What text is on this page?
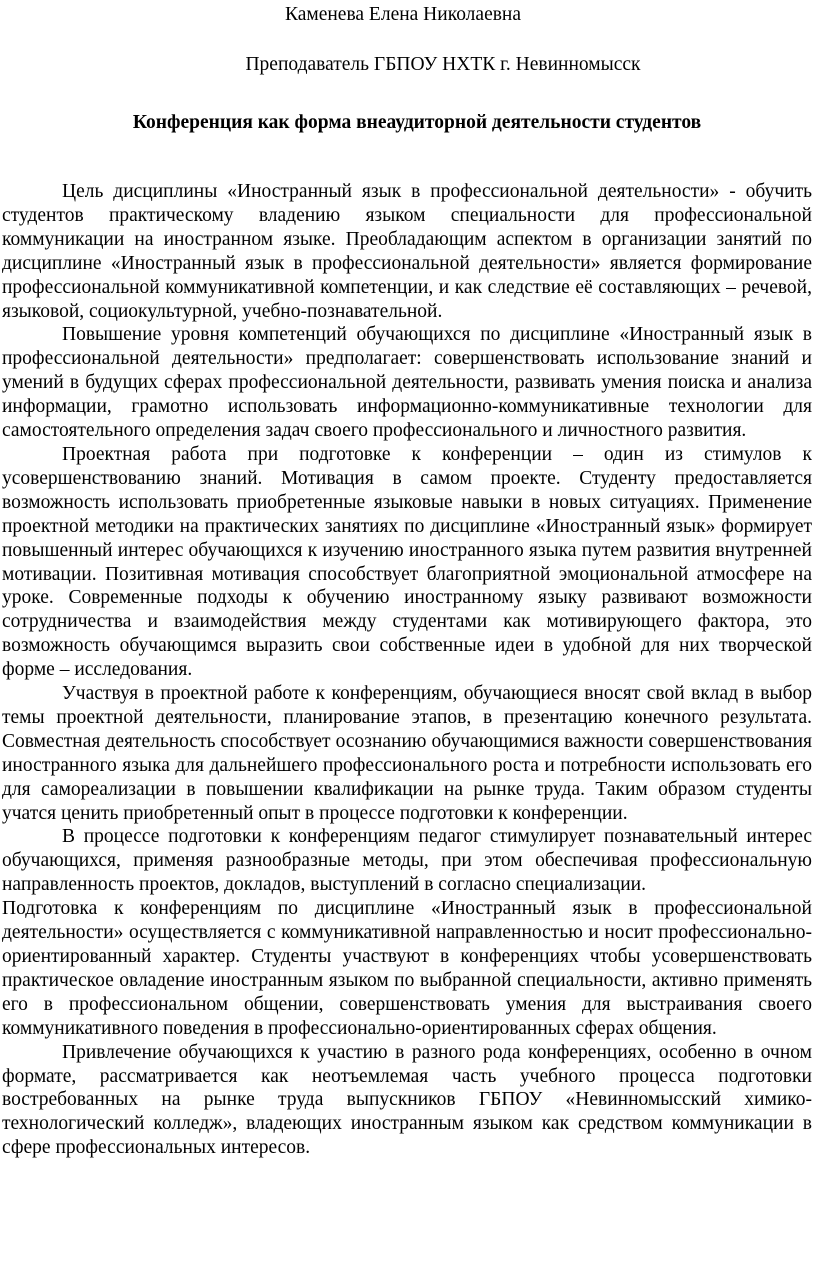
Каменева Елена Николаевна
Преподаватель ГБПОУ НХТК г. Невинномысск
Конференция как форма внеаудиторной деятельности студентов

Цель дисциплины «Иностранный язык в профессиональной деятельности» - обучить студентов практическому владению языком специальности для профессиональной коммуникации на иностранном языке. Преобладающим аспектом в организации занятий по дисциплине «Иностранный язык в профессиональной деятельности» является формирование профессиональной коммуникативной компетенции, и как следствие её составляющих – речевой, языковой, социокультурной, учебно-познавательной.

Повышение уровня компетенций обучающихся по дисциплине «Иностранный язык в профессиональной деятельности» предполагает: совершенствовать использование знаний и умений в будущих сферах профессиональной деятельности, развивать умения поиска и анализа информации, грамотно использовать информационно-коммуникативные технологии для самостоятельного определения задач своего профессионального и личностного развития.

Проектная работа при подготовке к конференции – один из стимулов к усовершенствованию знаний. Мотивация в самом проекте. Студенту предоставляется возможность использовать приобретенные языковые навыки в новых ситуациях. Применение проектной методики на практических занятиях по дисциплине «Иностранный язык» формирует повышенный интерес обучающихся к изучению иностранного языка путем развития внутренней мотивации. Позитивная мотивация способствует благоприятной эмоциональной атмосфере на уроке. Современные подходы к обучению иностранному языку развивают возможности сотрудничества и взаимодействия между студентами как мотивирующего фактора, это возможность обучающимся выразить свои собственные идеи в удобной для них творческой форме – исследования.

Участвуя в проектной работе к конференциям, обучающиеся вносят свой вклад в выбор темы проектной деятельности, планирование этапов, в презентацию конечного результата. Совместная деятельность способствует осознанию обучающимися важности совершенствования иностранного языка для дальнейшего профессионального роста и потребности использовать его для самореализации в повышении квалификации на рынке труда. Таким образом студенты учатся ценить приобретенный опыт в процессе подготовки к конференции.

В процессе подготовки к конференциям педагог стимулирует познавательный интерес обучающихся, применяя разнообразные методы, при этом обеспечивая профессиональную направленность проектов, докладов, выступлений в согласно специализации.

Подготовка к конференциям по дисциплине «Иностранный язык в профессиональной деятельности» осуществляется с коммуникативной направленностью и носит профессионально-ориентированный характер. Студенты участвуют в конференциях чтобы усовершенствовать практическое овладение иностранным языком по выбранной специальности, активно применять его в профессиональном общении, совершенствовать умения для выстраивания своего коммуникативного поведения в профессионально-ориентированных сферах общения.

Привлечение обучающихся к участию в разного рода конференциях, особенно в очном формате, рассматривается как неотъемлемая часть учебного процесса подготовки востребованных на рынке труда выпускников ГБПОУ «Невинномысский химико-технологический колледж», владеющих иностранным языком как средством коммуникации в сфере профессиональных интересов.
